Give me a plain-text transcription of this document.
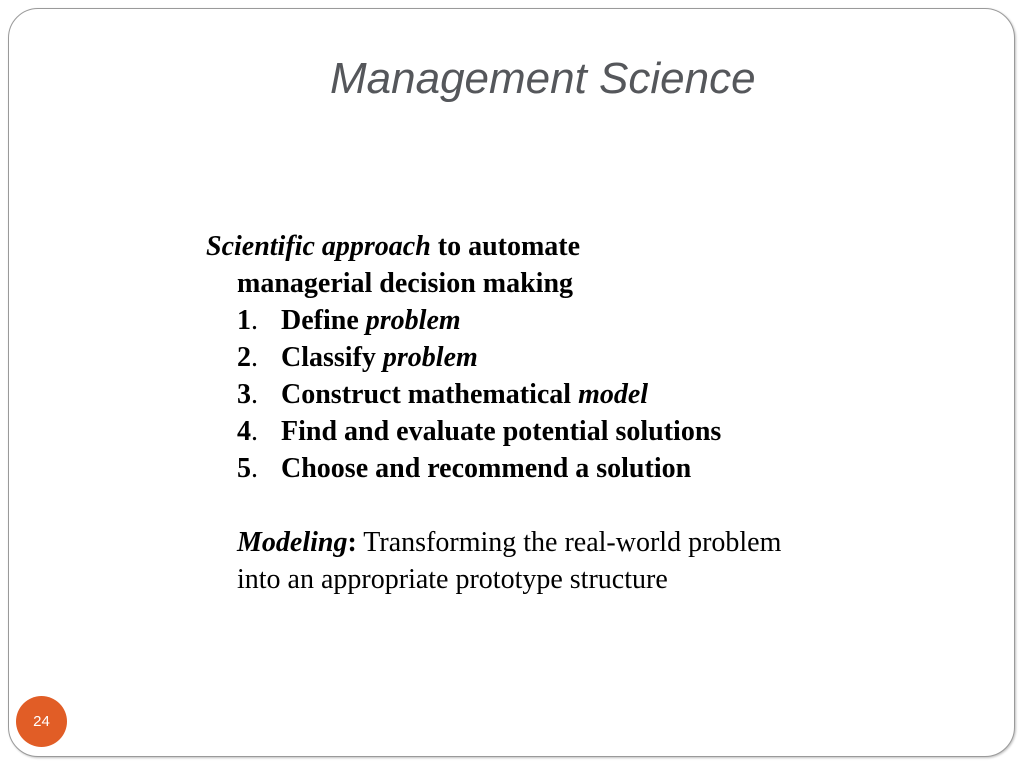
Management Science
Scientific approach to automate
managerial decision making
1. Define problem
2. Classify problem
3. Construct mathematical model
4. Find and evaluate potential solutions
5. Choose and recommend a solution
Modeling: Transforming the real-world problem
into an appropriate prototype structure
24
